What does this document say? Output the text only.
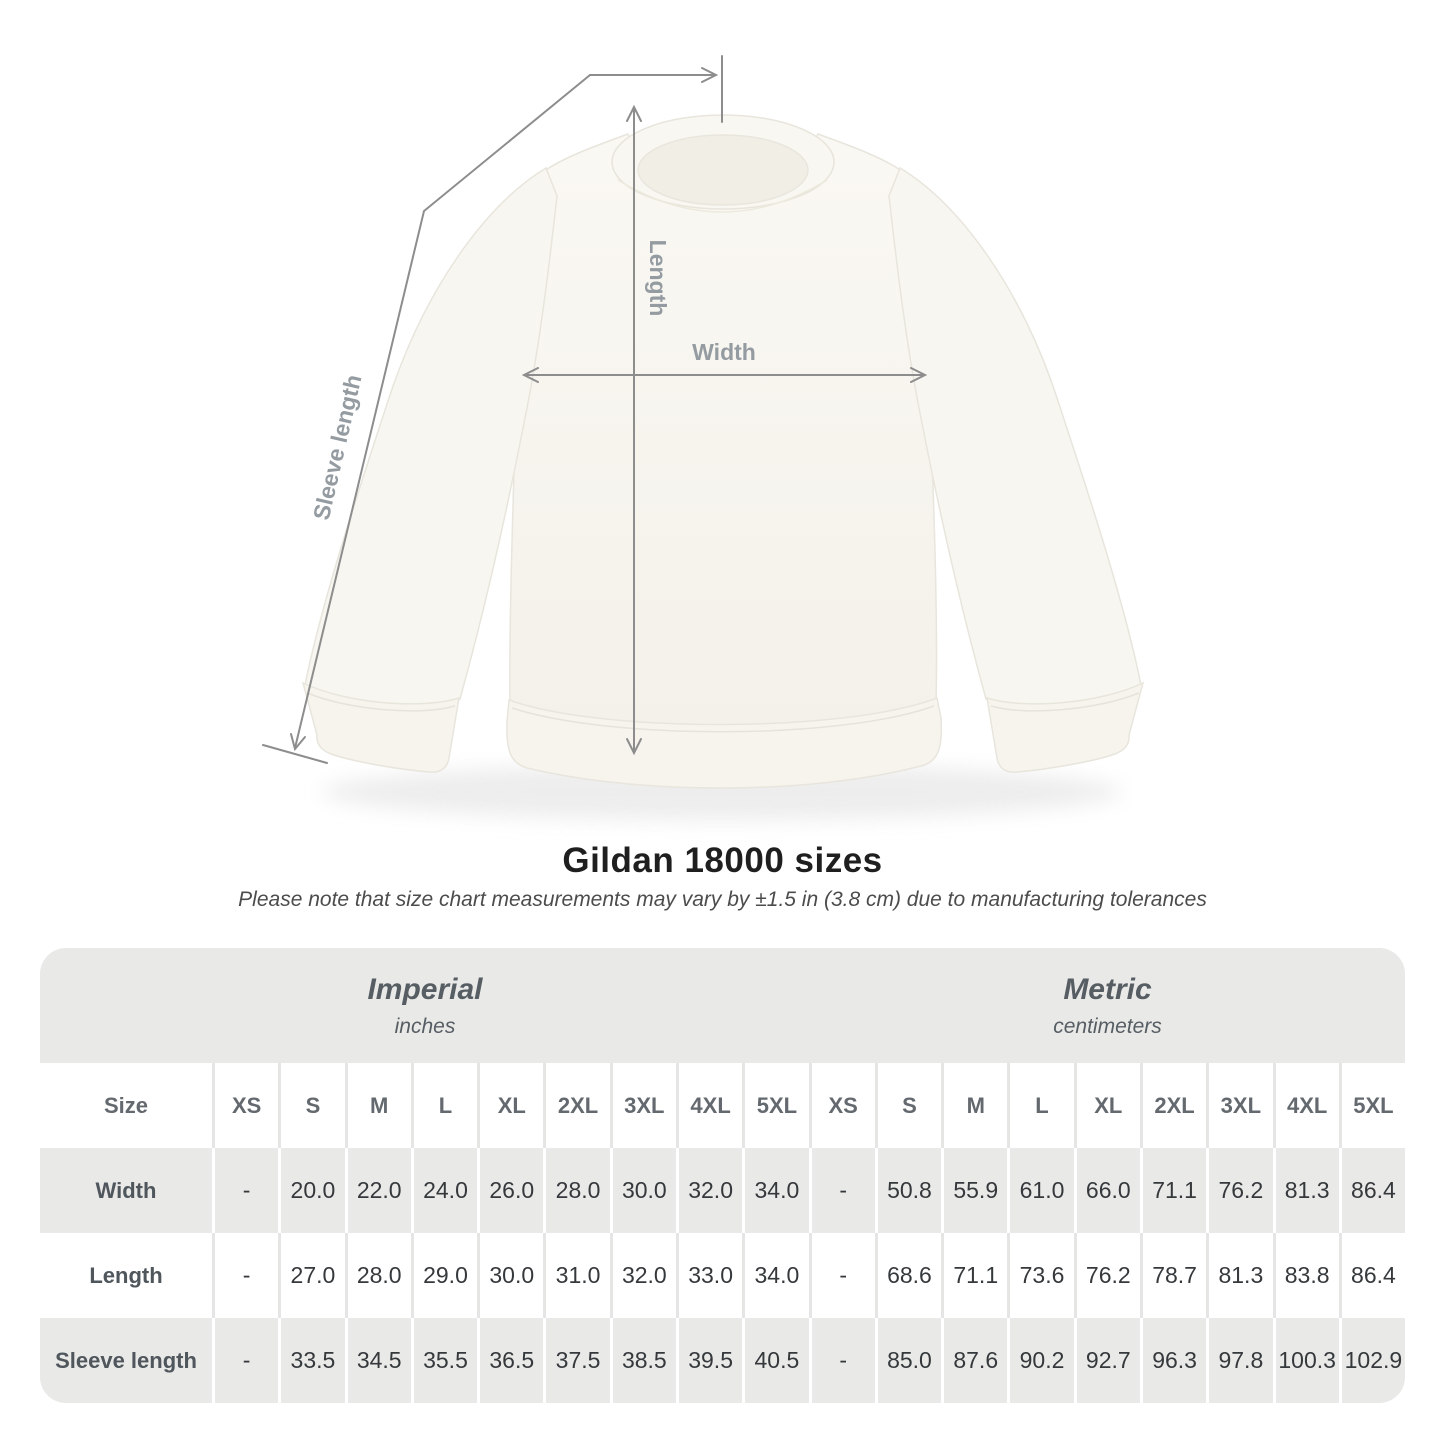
Length
Width
Sleeve length
Gildan 18000 sizes

Please note that size chart measurements may vary by ±1.5 in (3.8 cm) due to manufacturing tolerances

Imperial
inches
Metric
centimeters
Size	XS S M L XL 2XL 3XL 4XL 5XL XS S M L XL 2XL 3XL 4XL 5XL
Width	- 20.0 22.0 24.0 26.0 28.0 30.0 32.0 34.0 - 50.8 55.9 61.0 66.0 71.1 76.2 81.3 86.4
Length	- 27.0 28.0 29.0 30.0 31.0 32.0 33.0 34.0 - 68.6 71.1 73.6 76.2 78.7 81.3 83.8 86.4
Sleeve length - 33.5 34.5 35.5 36.5 37.5 38.5 39.5 40.5 - 85.0 87.6 90.2 92.7 96.3 97.8 100.3 102.9
